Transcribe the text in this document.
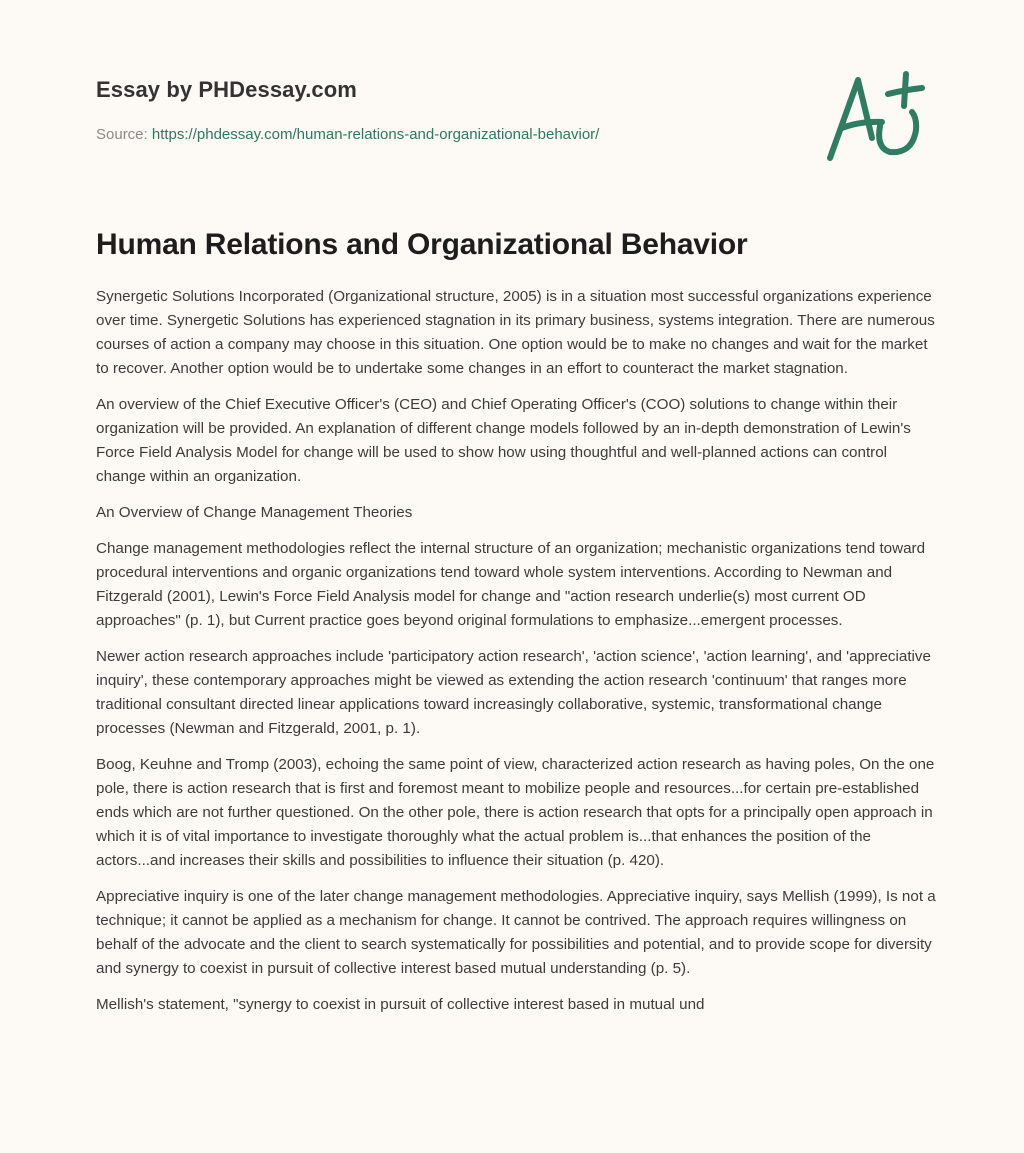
Essay by PHDessay.com
Source: https://phdessay.com/human-relations-and-organizational-behavior/
Human Relations and Organizational Behavior

Synergetic Solutions Incorporated (Organizational structure, 2005) is in a situation most successful organizations experience over time. Synergetic Solutions has experienced stagnation in its primary business, systems integration. There are numerous courses of action a company may choose in this situation. One option would be to make no changes and wait for the market to recover. Another option would be to undertake some changes in an effort to counteract the market stagnation.

An overview of the Chief Executive Officer's (CEO) and Chief Operating Officer's (COO) solutions to change within their organization will be provided. An explanation of different change models followed by an in-depth demonstration of Lewin's Force Field Analysis Model for change will be used to show how using thoughtful and well-planned actions can control change within an organization.

An Overview of Change Management Theories

Change management methodologies reflect the internal structure of an organization; mechanistic organizations tend toward procedural interventions and organic organizations tend toward whole system interventions. According to Newman and Fitzgerald (2001), Lewin's Force Field Analysis model for change and "action research underlie(s) most current OD approaches" (p. 1), but Current practice goes beyond original formulations to emphasize...emergent processes.

Newer action research approaches include 'participatory action research', 'action science', 'action learning', and 'appreciative inquiry', these contemporary approaches might be viewed as extending the action research 'continuum' that ranges more traditional consultant directed linear applications toward increasingly collaborative, systemic, transformational change processes (Newman and Fitzgerald, 2001, p. 1).

Boog, Keuhne and Tromp (2003), echoing the same point of view, characterized action research as having poles, On the one pole, there is action research that is first and foremost meant to mobilize people and resources...for certain pre-established ends which are not further questioned. On the other pole, there is action research that opts for a principally open approach in which it is of vital importance to investigate thoroughly what the actual problem is...that enhances the position of the actors...and increases their skills and possibilities to influence their situation (p. 420).

Appreciative inquiry is one of the later change management methodologies. Appreciative inquiry, says Mellish (1999), Is not a technique; it cannot be applied as a mechanism for change. It cannot be contrived. The approach requires willingness on behalf of the advocate and the client to search systematically for possibilities and potential, and to provide scope for diversity and synergy to coexist in pursuit of collective interest based mutual understanding (p. 5).

Mellish's statement, "synergy to coexist in pursuit of collective interest based in mutual und
